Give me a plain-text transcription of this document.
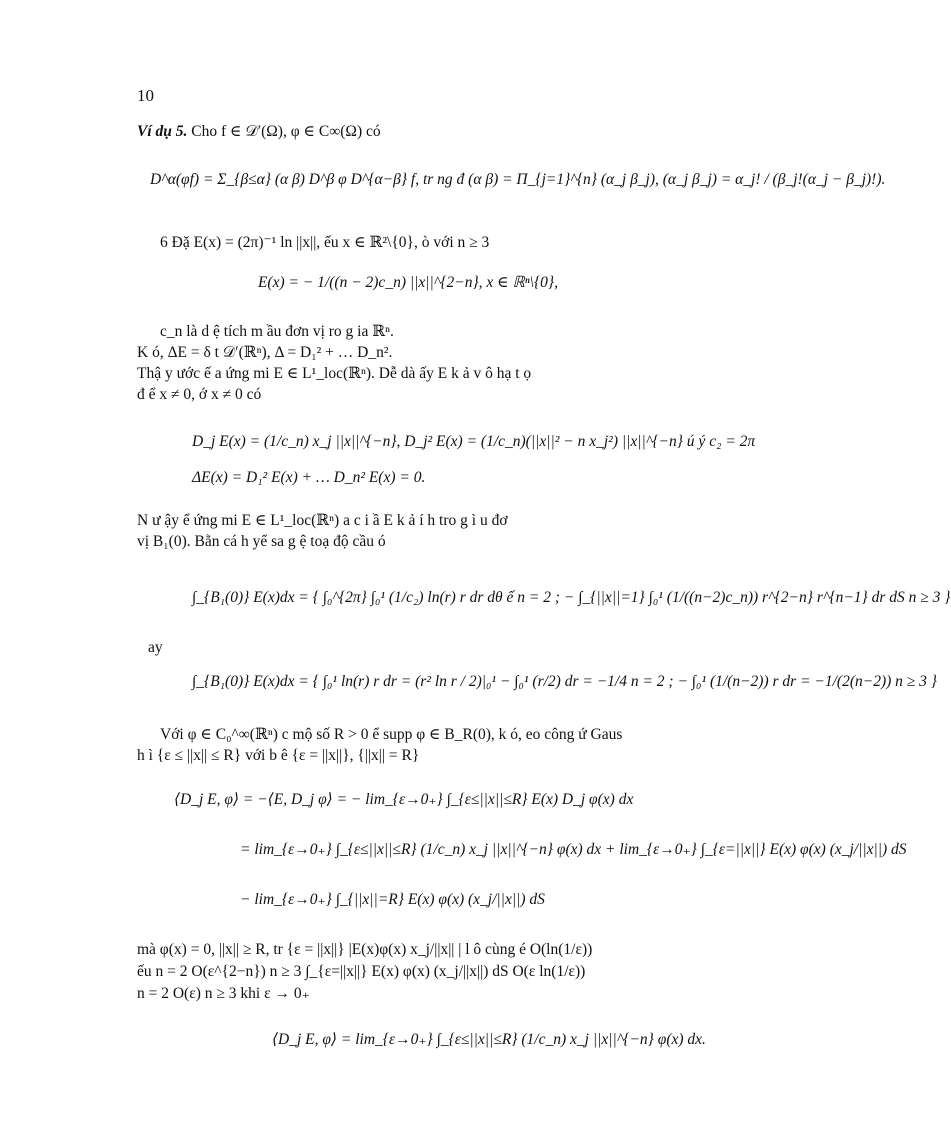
10
Ví dụ 5. Cho f ∈ 𝒟′(Ω), φ ∈ C∞(Ω) có
D^α(φf) = Σ_{β≤α} (α β) D^β φ D^{α−β} f, tr ng đ (α β) = Π_{j=1}^{n} (α_j β_j), (α_j β_j) = α_j! / (β_j!(α_j − β_j)!).
6 Đặ E(x) = (2π)⁻¹ ln ||x||, ếu x ∈ ℝ²\{0}, ò với n ≥ 3
E(x) = − 1/((n − 2)c_n) ||x||^{2−n}, x ∈ ℝⁿ\{0},
c_n là d ệ tích m ầu đơn vị ro g ia ℝⁿ.
K ó, ΔE = δ t 𝒟′(ℝⁿ), Δ = D₁² + … D_n².
Thậ y ước ế a ứng mi E ∈ L¹_loc(ℝⁿ). Dễ dà ấy E k ả v ô hạ t ọ
đ ể x ≠ 0, ớ x ≠ 0 có
D_j E(x) = (1/c_n) x_j ||x||^{−n}, D_j² E(x) = (1/c_n)(||x||² − n x_j²) ||x||^{−n} ú ý c₂ = 2π
ΔE(x) = D₁² E(x) + … D_n² E(x) = 0.
N ư ậy ể ứng mi E ∈ L¹_loc(ℝⁿ) a c i ầ E k ả í h tro g ì u đơ
vị B₁(0). Bằn cá h yể sa g ệ toạ độ cầu ó
∫_{B₁(0)} E(x)dx = { ∫₀^{2π} ∫₀¹ (1/c₂) ln(r) r dr dθ ế n = 2 ; − ∫_{||x||=1} ∫₀¹ (1/((n−2)c_n)) r^{2−n} r^{n−1} dr dS n ≥ 3 }
ay
∫_{B₁(0)} E(x)dx = { ∫₀¹ ln(r) r dr = (r² ln r / 2)|₀¹ − ∫₀¹ (r/2) dr = −1/4 n = 2 ; − ∫₀¹ (1/(n−2)) r dr = −1/(2(n−2)) n ≥ 3 }
Với φ ∈ C₀^∞(ℝⁿ) c mộ số R > 0 ể supp φ ∈ B_R(0), k ó, eo công ứ Gaus
h ì {ε ≤ ||x|| ≤ R} với b ê {ε = ||x||}, {||x|| = R}
⟨D_j E, φ⟩ = −⟨E, D_j φ⟩ = − lim_{ε→0₊} ∫_{ε≤||x||≤R} E(x) D_j φ(x) dx
= lim_{ε→0₊} ∫_{ε≤||x||≤R} (1/c_n) x_j ||x||^{−n} φ(x) dx + lim_{ε→0₊} ∫_{ε=||x||} E(x) φ(x) (x_j/||x||) dS
− lim_{ε→0₊} ∫_{||x||=R} E(x) φ(x) (x_j/||x||) dS
mà φ(x) = 0, ||x|| ≥ R, tr {ε = ||x||} |E(x)φ(x) x_j/||x|| | l ô cùng é O(ln(1/ε))
ếu n = 2 O(ε^{2−n}) n ≥ 3 ∫_{ε=||x||} E(x) φ(x) (x_j/||x||) dS O(ε ln(1/ε))
n = 2 O(ε) n ≥ 3 khi ε → 0₊
⟨D_j E, φ⟩ = lim_{ε→0₊} ∫_{ε≤||x||≤R} (1/c_n) x_j ||x||^{−n} φ(x) dx.
